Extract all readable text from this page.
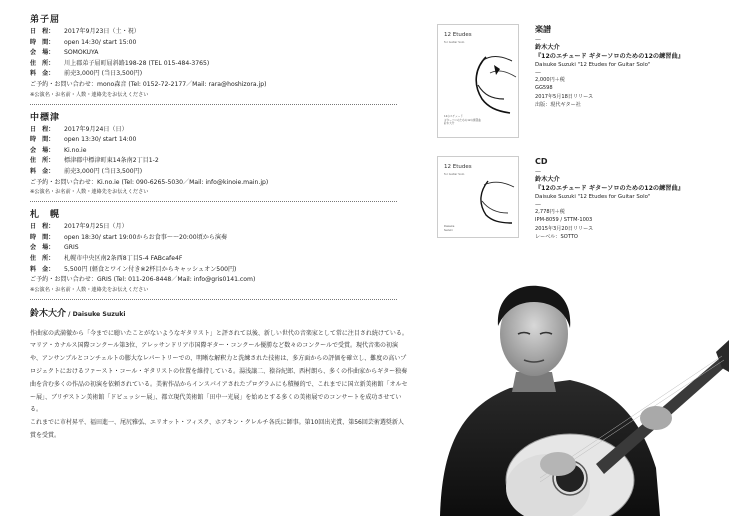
弟子屈
日　程： 2017年9月23日（土・祝）
時　間： open 14:30/ start 15:00
会　場： SOMOKUYA
住　所： 川上郡弟子屈町屈斜路198-28 (TEL 015-484-3765)
料　金： 前売3,000円 (当日3,500円)
ご予約・お問い合わせ：mono森音 (Tel: 0152-72-2177／Mail: rara@hoshizora.jp)
※公演名・お名前・人数・連絡先をお伝えください
中標津
日　程： 2017年9月24日（日）
時　間： open 13:30/ start 14:00
会　場： Ki.no.ie
住　所： 標津郡中標津町東14条南2丁目1-2
料　金： 前売3,000円 (当日3,500円)
ご予約・お問い合わせ：Ki.no.ie (Tel: 090-6265-5030／Mail: info@kinoie.main.jp)
※公演名・お名前・人数・連絡先をお伝えください
札　幌
日　程： 2017年9月25日（月）
時　間： open 18:30/ start 19:00からお食事〜〜20:00頃から演奏
会　場： GRIS
住　所： 札幌市中央区南2条西8丁目5-4 FABcafe4F
料　金： 5,500円 (軽食とワイン付き※2杯目からキャッシュオン500円)
ご予約・お問い合わせ：GRIS (Tel: 011-206-8448／Mail: info@gris0141.com)
※公演名・お名前・人数・連絡先をお伝えください
鈴木大介 / Daisuke Suzuki

作曲家の武満徹から「今までに聴いたことがないようなギタリスト」と評されて以後、新しい世代の音楽家として常に注目され続けている。マリア・カナルス国際コンクール第3位、アレッサンドリア市国際ギター・コンクール優勝など数々のコンクールで受賞。現代音楽の初演や、アンサンブルとコンチェルトの膨大なレパートリーでの、明晰な解釈力と洗練された技術は、多方面からの評価を確立し、難度の高いプロジェクトにおけるファースト・コール・ギタリストの位置を維持している。湯浅譲二、猿谷紀郎、西村朗ら、多くの作曲家からギター独奏曲を含む多くの作品の初演を依頼されている。美術作品からインスパイアされたプログラムにも積極的で、これまでに国立新美術館「オルセー展」、ブリヂストン美術館「ドビュッシー展」、都立現代美術館「田中一光展」を始めとする多くの美術展でのコンサートを成功させている。

これまでに市村昇平、福田進一、尾尻雅弘、エリオット・フィスク、ホアキン・クレルチ各氏に師事。第10回出光賞、第56回芸術選奨新人賞を受賞。

12 Etudes
for Guitar Solo
12のエチュード
ギターソロのための12の練習曲
鈴木大介
楽譜
—
鈴木大介
『12のエチュード ギターソロのための12の練習曲』
Daisuke Suzuki "12 Etudes for Guitar Solo"
—
2,000円＋税
GG598
2017年5月18日リリース
出版：現代ギター社
12 Etudes
for Guitar Solo
Daisuke
Suzuki
CD
—
鈴木大介
『12のエチュード ギターソロのための12の練習曲』
Daisuke Suzuki "12 Etudes for Guitar Solo"
—
2,778円＋税
IPM-8059 / STTM-1003
2015年3月20日リリース
レーベル：SOTTO
